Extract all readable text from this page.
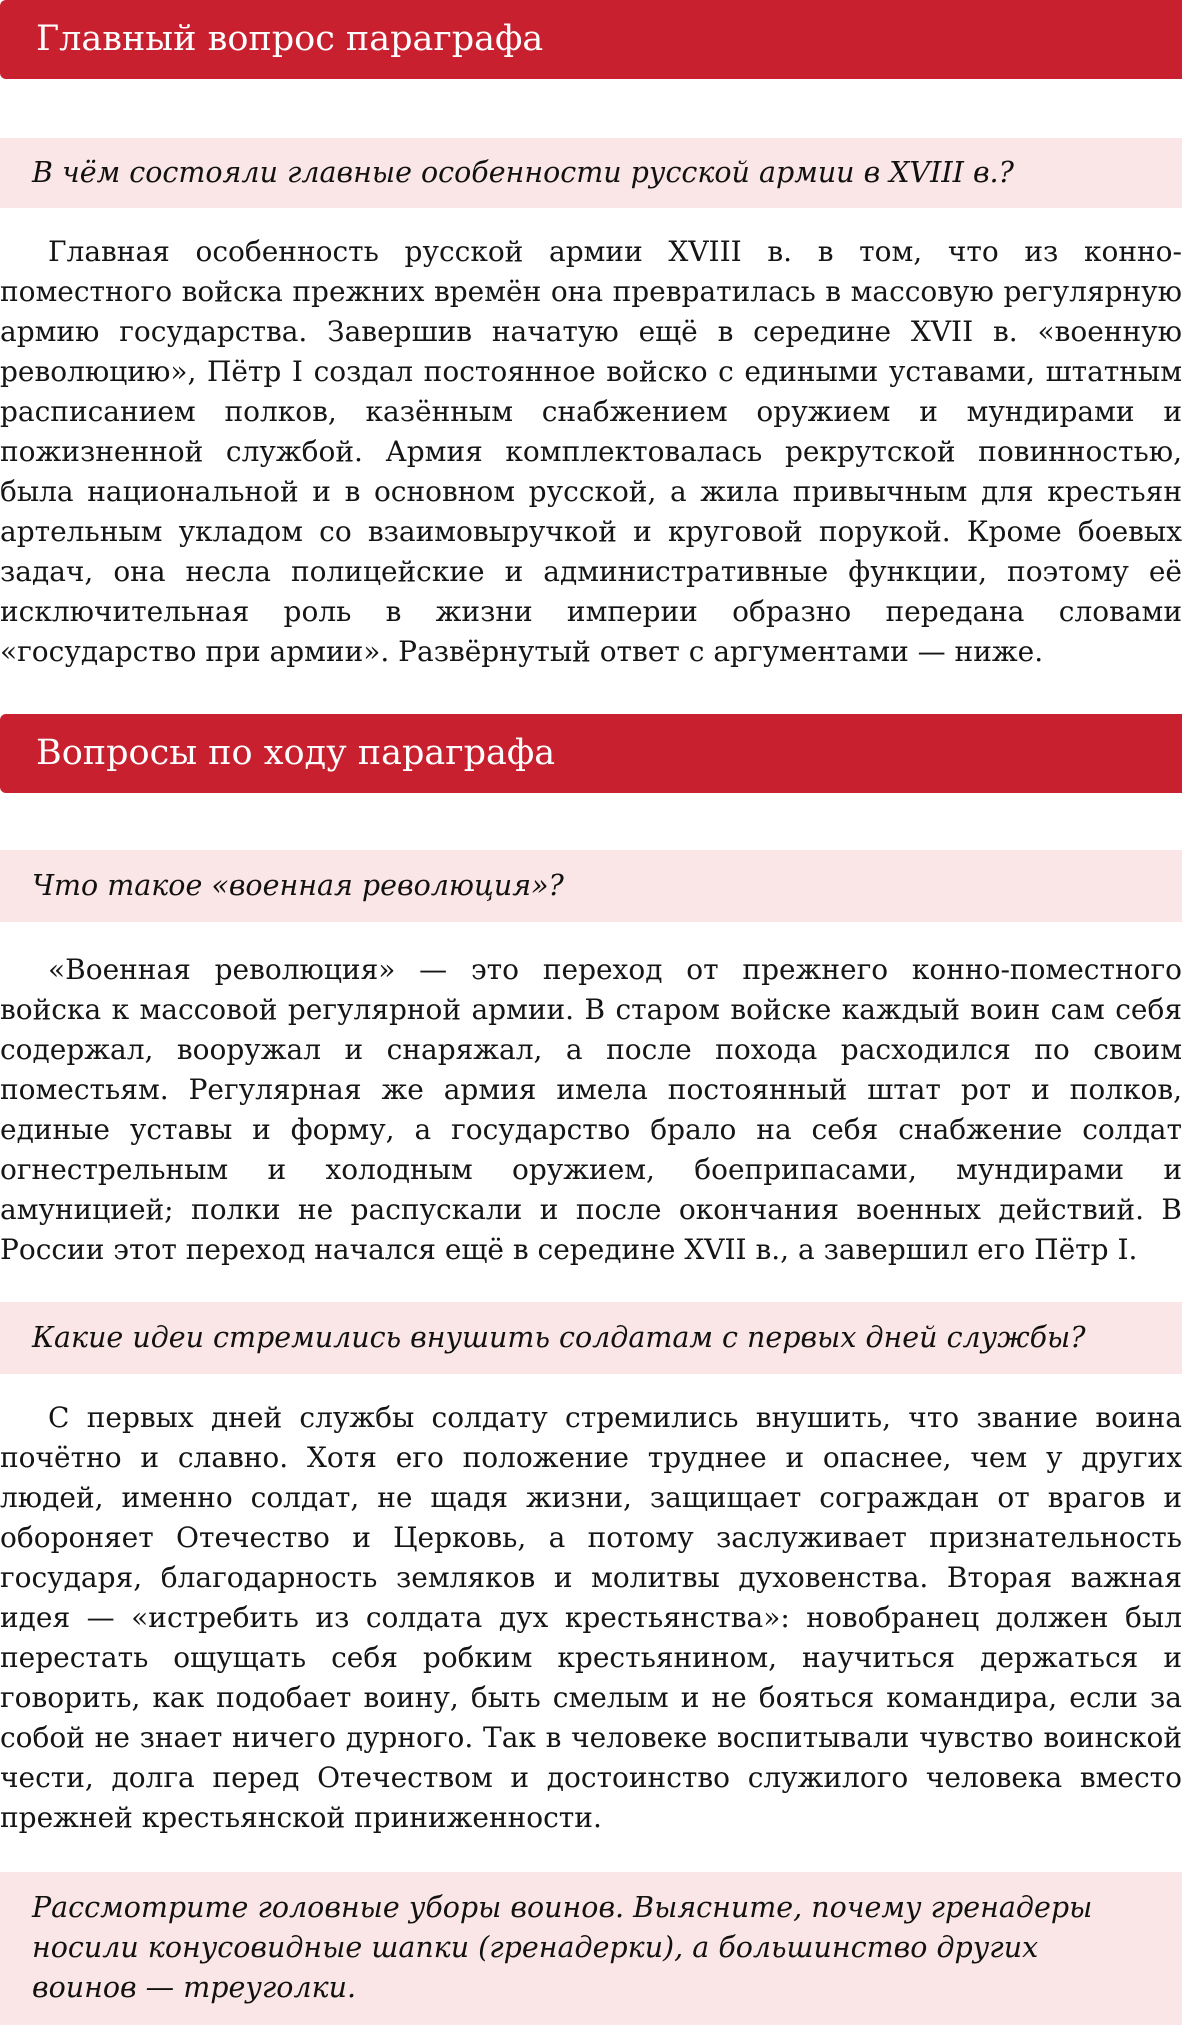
Главный вопрос параграфа
В чём состояли главные особенности русской армии в XVIII в.?

Главная особенность русской армии XVIII в. в том, что из конно-поместного войска прежних времён она превратилась в массовую регулярную армию государства. Завершив начатую ещё в середине XVII в. «военную революцию», Пётр I создал постоянное войско с едиными уставами, штатным расписанием полков, казённым снабжением оружием и мундирами и пожизненной службой. Армия комплектовалась рекрутской повинностью, была национальной и в основном русской, а жила привычным для крестьян артельным укладом со взаимовыручкой и круговой порукой. Кроме боевых задач, она несла полицейские и административные функции, поэтому её исключительная роль в жизни империи образно передана словами «государство при армии». Развёрнутый ответ с аргументами — ниже.

Вопросы по ходу параграфа
Что такое «военная революция»?

«Военная революция» — это переход от прежнего конно-поместного войска к массовой регулярной армии. В старом войске каждый воин сам себя содержал, вооружал и снаряжал, а после похода расходился по своим поместьям. Регулярная же армия имела постоянный штат рот и полков, единые уставы и форму, а государство брало на себя снабжение солдат огнестрельным и холодным оружием, боеприпасами, мундирами и амуницией; полки не распускали и после окончания военных действий. В России этот переход начался ещё в середине XVII в., а завершил его Пётр I.

Какие идеи стремились внушить солдатам с первых дней службы?

С первых дней службы солдату стремились внушить, что звание воина почётно и славно. Хотя его положение труднее и опаснее, чем у других людей, именно солдат, не щадя жизни, защищает сограждан от врагов и обороняет Отечество и Церковь, а потому заслуживает признательность государя, благодарность земляков и молитвы духовенства. Вторая важная идея — «истребить из солдата дух крестьянства»: новобранец должен был перестать ощущать себя робким крестьянином, научиться держаться и говорить, как подобает воину, быть смелым и не бояться командира, если за собой не знает ничего дурного. Так в человеке воспитывали чувство воинской чести, долга перед Отечеством и достоинство служилого человека вместо прежней крестьянской приниженности.

Рассмотрите головные уборы воинов. Выясните, почему гренадеры носили конусовидные шапки (гренадерки), а большинство других воинов — треуголки.
